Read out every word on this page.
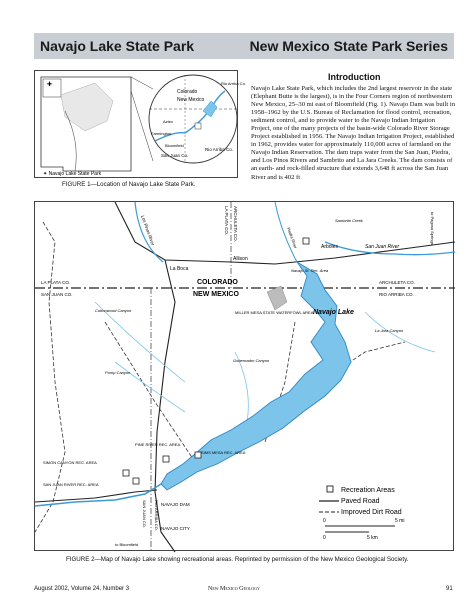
Navajo Lake State Park	New Mexico State Park Series
✚
Colorado
New Mexico
San Juan Co.
Rio Arriba Co.
Rio Arriba Co.
Farmington
Aztec
Bloomfield
✦ Navajo Lake State Park
FIGURE 1—Location of Navajo Lake State Park.
Introduction

Navajo Lake State Park, which includes the 2nd largest reservoir in the state (Elephant Butte is the largest), is in the Four Corners region of northwestern New Mexico, 25–30 mi east of Bloomfield (Fig. 1). Navajo Dam was built in 1958–1962 by the U.S. Bureau of Reclamation for flood control, recreation, sediment control, and to provide water to the Navajo Indian Irrigation Project, one of the many projects of the basin-wide Colorado River Storage Project established in 1956. The Navajo Indian Irrigation Project, established in 1962, provides water for approximately 110,000 acres of farmland on the Navajo Indian Reservation. The dam traps water from the San Juan, Piedra, and Los Pinos Rivers and Sambrito and La Jara Creeks. The dam consists of an earth- and rock-filled structure that extends 3,648 ft across the San Juan River and is 402 ft

Los Pinos River	LA PLATA CO. ARCHULETA CO.
La Boca
Allison
Arboles
Navajo St. Rec. Area
San Juan River
Piedra River
LA PLATA CO.
SAN JUAN CO.
COLORADO
NEW MEXICO
ARCHULETA CO.
RIO ARRIBA CO.
Navajo Lake
MILLER MESA STATE WATERFOWL AREA
PINE RIVER REC. AREA
SIMS MESA REC. AREA
SIMON CANYON REC. AREA
SAN JUAN RIVER REC. AREA
NAVAJO DAM
NAVAJO CITY
to Bloomfield
SAN JUAN CO. RIO ARRIBA CO.
to Pagosa Springs
Sambrito Creek
La Jara Canyon
Cottonwood Canyon
Gobernador Canyon
Pump Canyon
Recreation Areas
Paved Road
Improved Dirt Road
0	5 mi
0	5 km
FIGURE 2—Map of Navajo Lake showing recreational areas. Reprinted by permission of the New Mexico Geological Society.
August 2002, Volume 24, Number 3	New Mexico Geology	91
